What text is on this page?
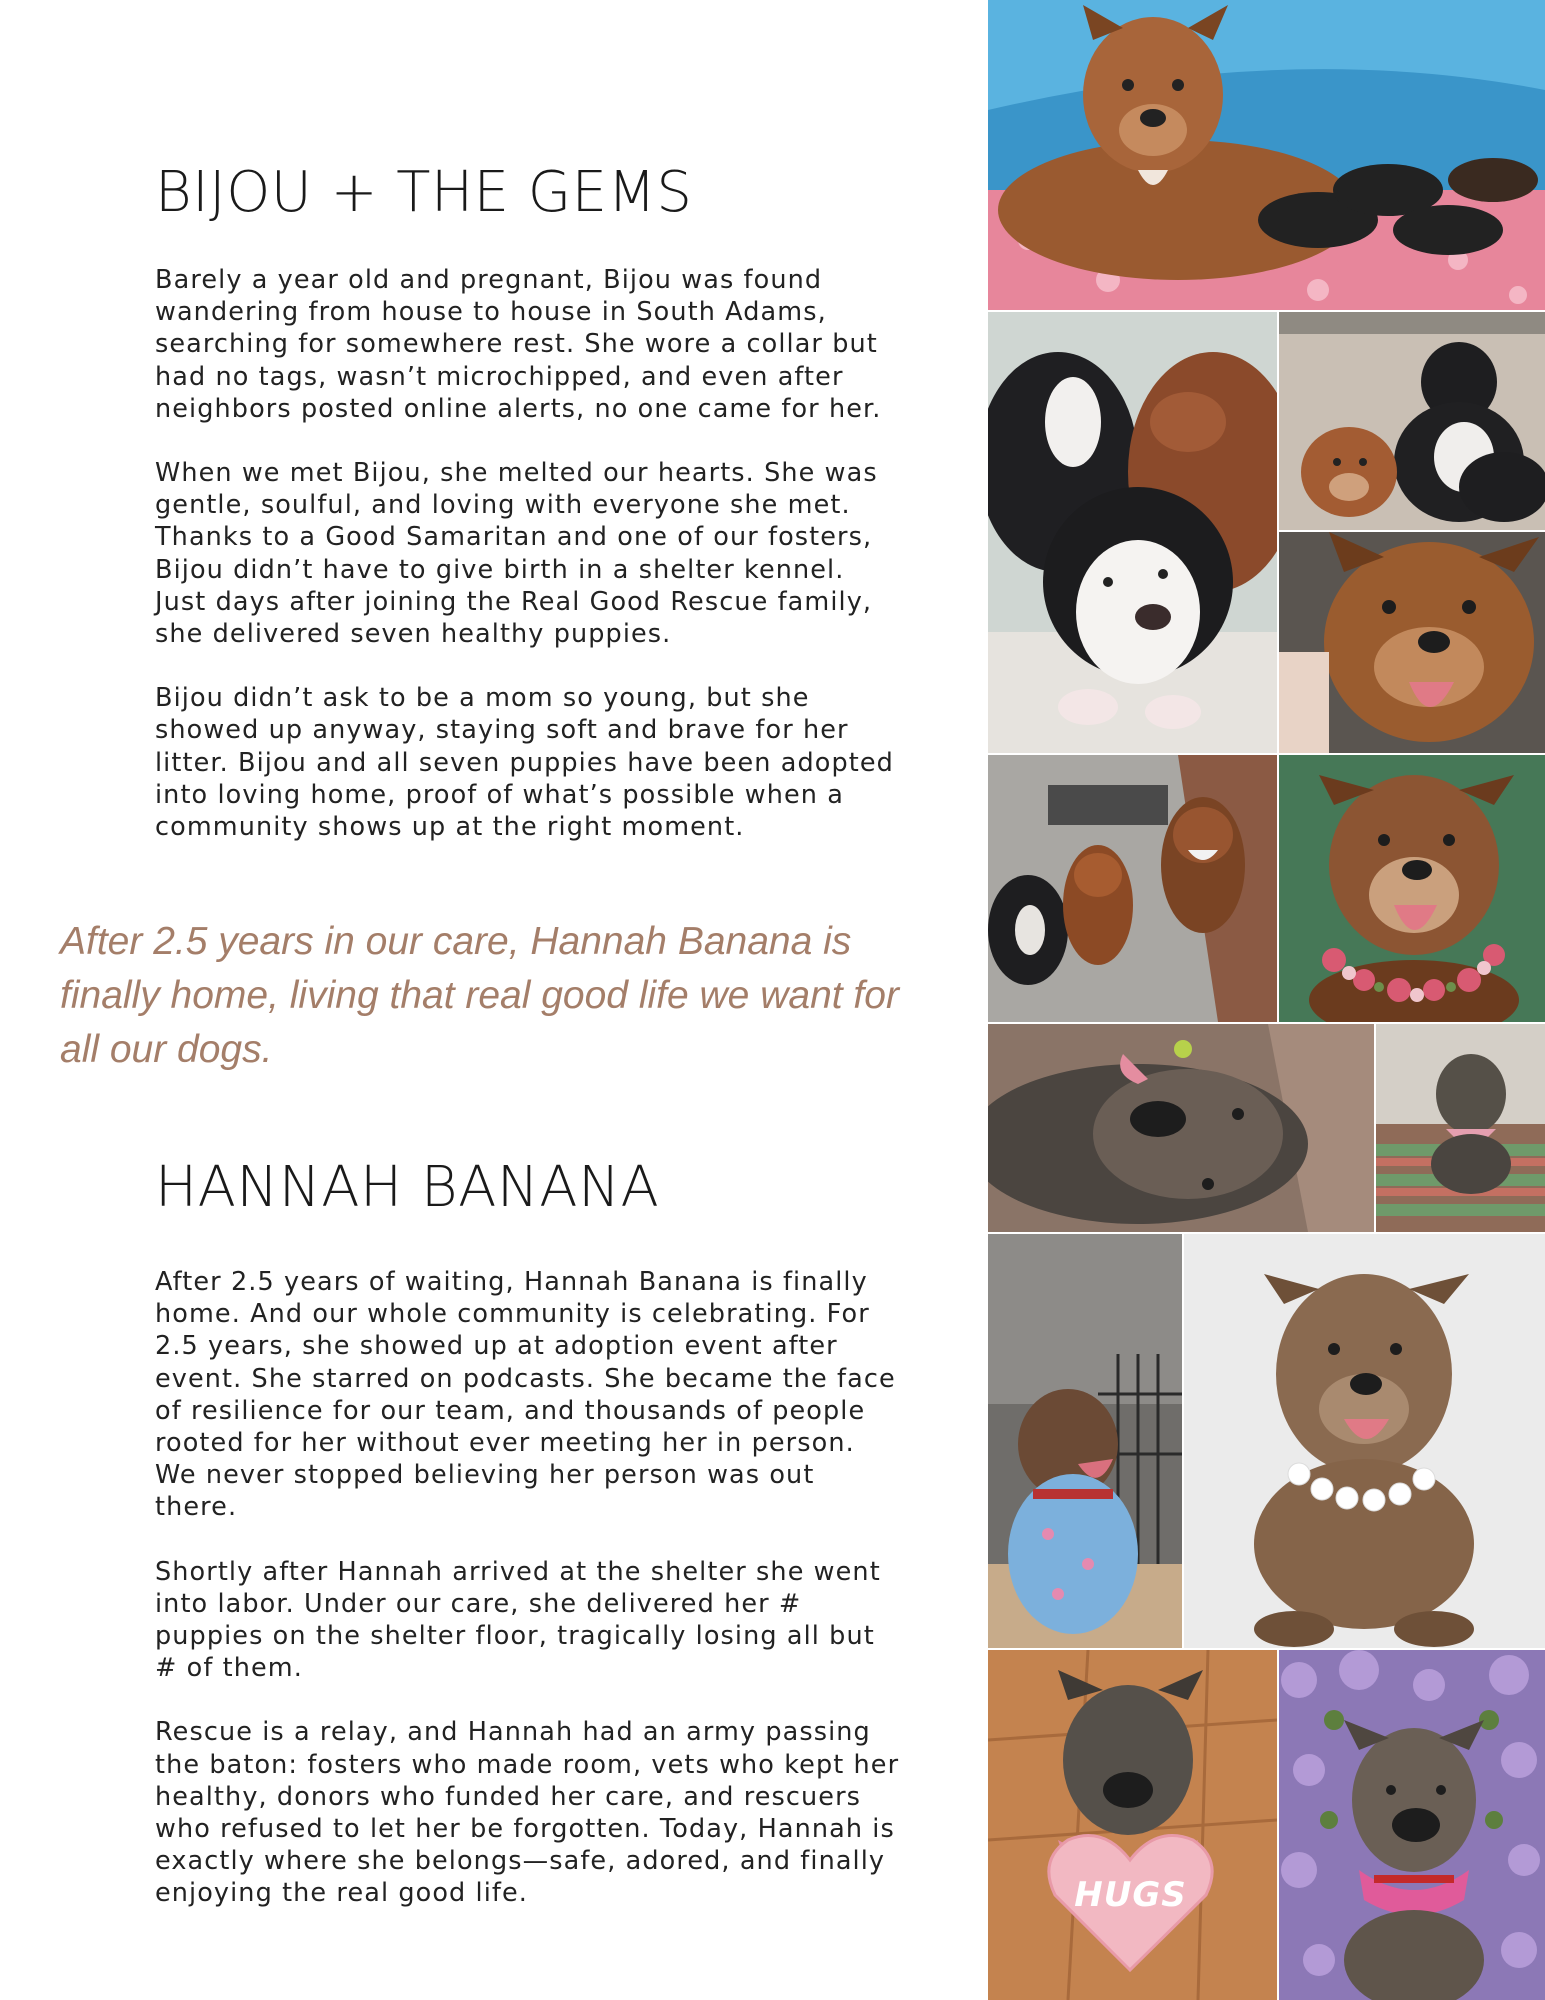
BIJOU + THE GEMS

Barely a year old and pregnant, Bijou was found wandering from house to house in South Adams, searching for somewhere rest. She wore a collar but had no tags, wasn’t microchipped, and even after neighbors posted online alerts, no one came for her.

When we met Bijou, she melted our hearts. She was gentle, soulful, and loving with everyone she met. Thanks to a Good Samaritan and one of our fosters, Bijou didn’t have to give birth in a shelter kennel. Just days after joining the Real Good Rescue family, she delivered seven healthy puppies.

Bijou didn’t ask to be a mom so young, but she showed up anyway, staying soft and brave for her litter. Bijou and all seven puppies have been adopted into loving home, proof of what’s possible when a community shows up at the right moment.

After 2.5 years in our care, Hannah Banana is finally home, living that real good life we want for all our dogs.

HANNAH BANANA

After 2.5 years of waiting, Hannah Banana is finally home. And our whole community is celebrating. For 2.5 years, she showed up at adoption event after event. She starred on podcasts. She became the face of resilience for our team, and thousands of people rooted for her without ever meeting her in person. We never stopped believing her person was out there.

Shortly after Hannah arrived at the shelter she went into labor. Under our care, she delivered her # puppies on the shelter floor, tragically losing all but # of them.

Rescue is a relay, and Hannah had an army passing the baton: fosters who made room, vets who kept her healthy, donors who funded her care, and rescuers who refused to let her be forgotten. Today, Hannah is exactly where she belongs—safe, adored, and finally enjoying the real good life.	HUGS
